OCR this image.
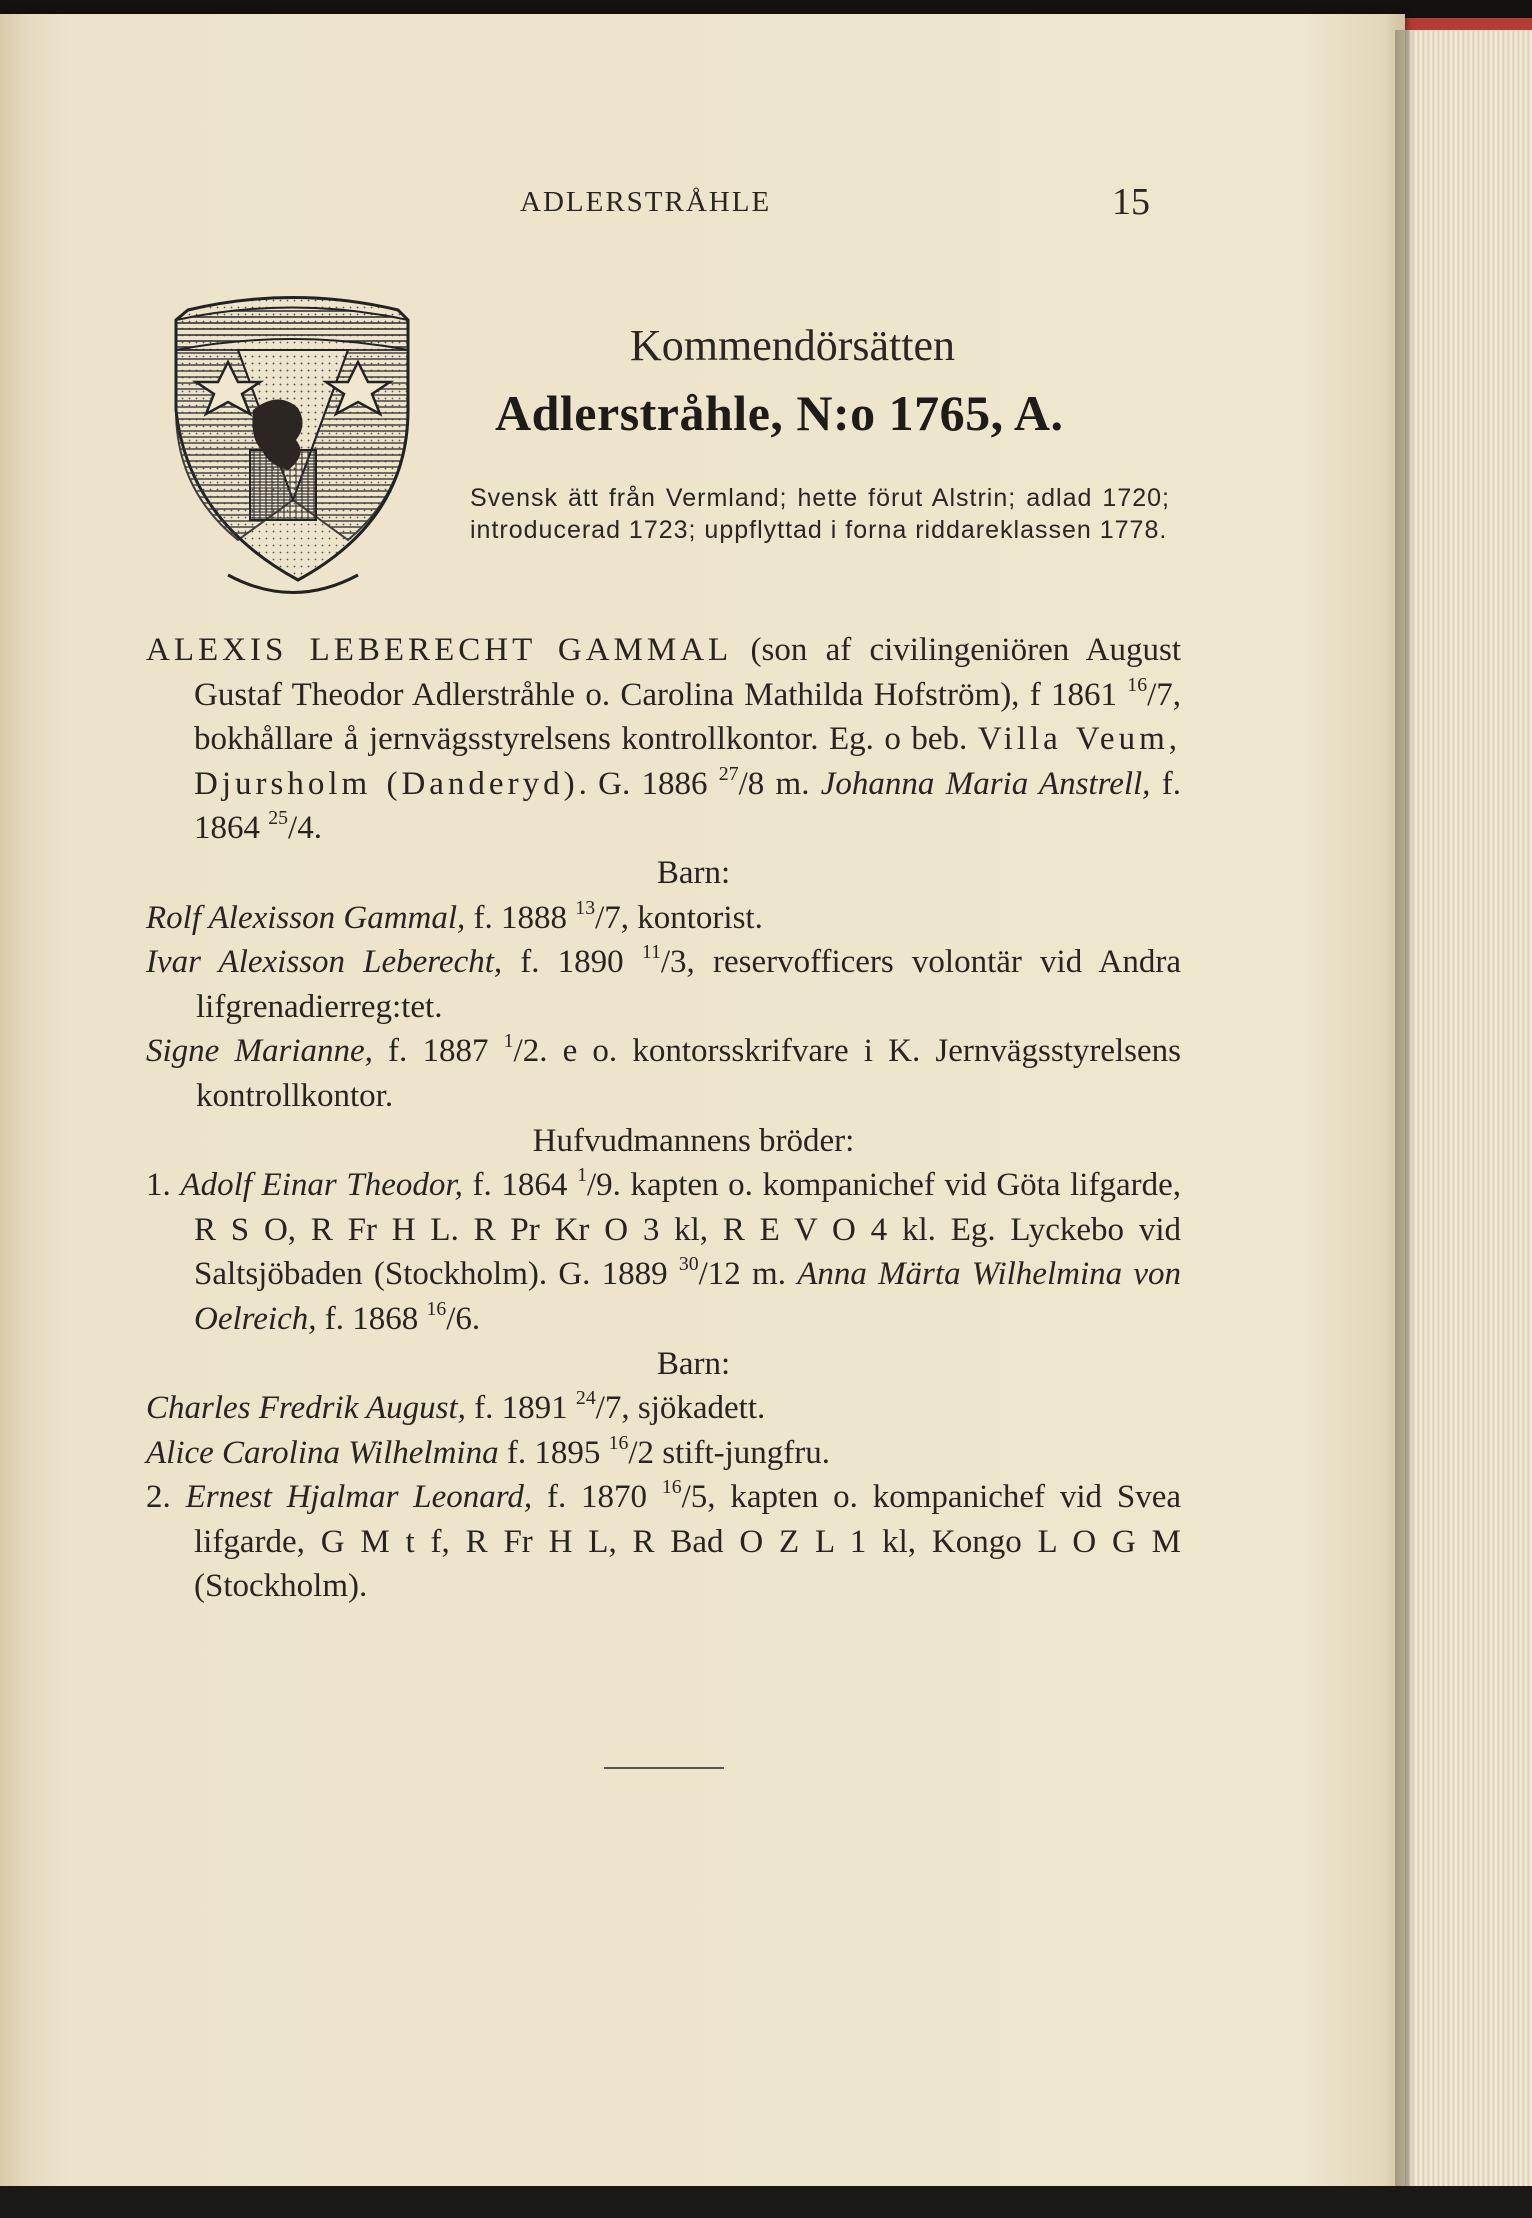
ADLERSTRÅHLE	15
Kommendörsätten
Adlerstråhle, N:o 1765, A.
Svensk ätt från Vermland; hette förut Alstrin; adlad 1720; introducerad 1723; uppflyttad i forna riddareklassen 1778.

ALEXIS LEBERECHT GAMMAL (son af civilingeniören August Gustaf Theodor Adlerstråhle o. Carolina Mathilda Hofström), f 1861 $^{16}$/7, bokhållare å jernvägsstyrelsens kontrollkontor. Eg. o beb. Villa Veum, Djursholm (Danderyd). G. 1886 $^{27}$/8 m. Johanna Maria Anstrell, f. 1864 $^{25}$/4.

Barn:

Rolf Alexisson Gammal, f. 1888 $^{13}$/7, kontorist.

Ivar Alexisson Leberecht, f. 1890 $^{11}$/3, reservofficers volontär vid Andra lifgrenadierreg:tet.

Signe Marianne, f. 1887 $^1$/2. e o. kontorsskrifvare i K. Jernvägsstyrelsens kontrollkontor.

Hufvudmannens bröder:

1. Adolf Einar Theodor, f. 1864 $^1$/9. kapten o. kompanichef vid Göta lifgarde, R S O, R Fr H L. R Pr Kr O 3 kl, R E V O 4 kl. Eg. Lyckebo vid Saltsjöbaden (Stockholm). G. 1889 $^{30}$/12 m. Anna Märta Wilhelmina von Oelreich, f. 1868 $^{16}$/6.

Barn:

Charles Fredrik August, f. 1891 $^{24}$/7, sjökadett.

Alice Carolina Wilhelmina f. 1895 $^{16}$/2 stift-jungfru.

2. Ernest Hjalmar Leonard, f. 1870 $^{16}$/5, kapten o. kompanichef vid Svea lifgarde, G M t f, R Fr H L, R Bad O Z L 1 kl, Kongo L O G M (Stockholm).
